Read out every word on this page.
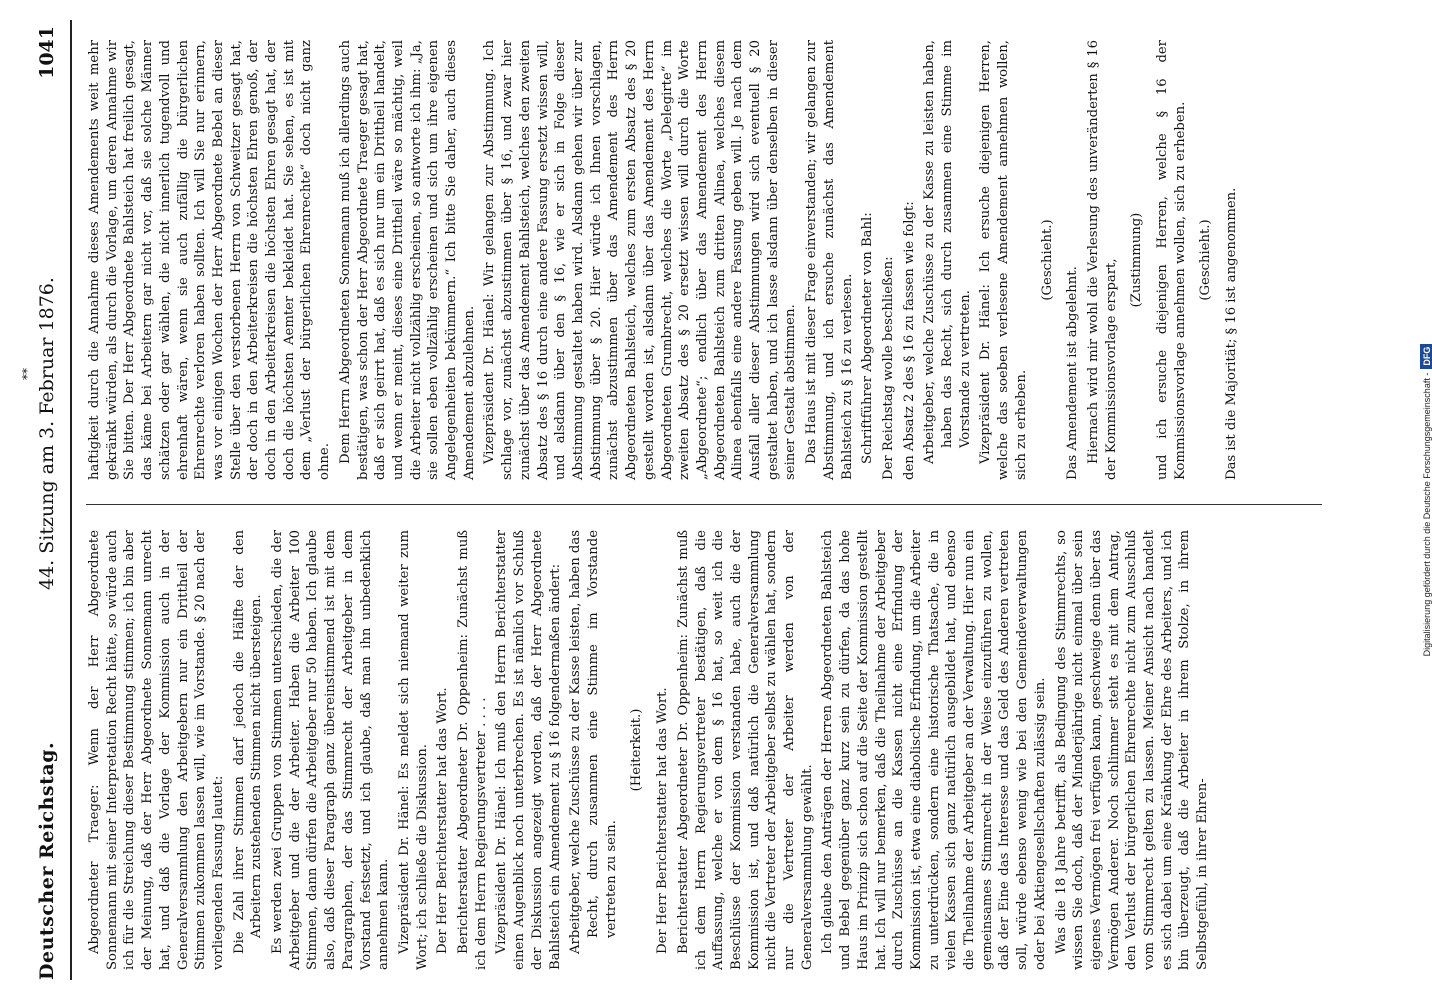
Deutscher Reichstag.
44. Sitzung am 3. Februar 1876.
**
1041

Abgeordneter Traeger: Wenn der Herr Abgeordnete Sonnemann mit seiner Interpretation Recht hätte, so würde auch ich für die Streichung dieser Bestimmung stimmen; ich bin aber der Meinung, daß der Herr Abgeordnete Sonnemann unrecht hat, und daß die Vorlage der Kommission auch in der Generalversammlung den Arbeitgebern nur ein Drittheil der Stimmen zukommen lassen will, wie im Vorstande. § 20 nach der vorliegenden Fassung lautet: Die Zahl ihrer Stimmen darf jedoch die Hälfte der den Arbeitern zustehenden Stimmen nicht übersteigen. Es werden zwei Gruppen von Stimmen unterschieden, die der Arbeitgeber und die der Arbeiter. Haben die Arbeiter 100 Stimmen, dann dürfen die Arbeitgeber nur 50 haben. Ich glaube also, daß dieser Paragraph ganz übereinstimmend ist mit dem Paragraphen, der das Stimmrecht der Arbeitgeber in dem Vorstand festsetzt, und ich glaube, daß man ihn unbedenklich annehmen kann. Vizepräsident Dr. Hänel: Es meldet sich niemand weiter zum Wort; ich schließe die Diskussion. Der Herr Berichterstatter hat das Wort. Berichterstatter Abgeordneter Dr. Oppenheim: Zunächst muß ich dem Herrn Regierungsvertreter . . . . Vizepräsident Dr. Hänel: Ich muß den Herrn Berichterstatter einen Augenblick noch unterbrechen. Es ist nämlich vor Schluß der Diskussion angezeigt worden, daß der Herr Abgeordnete Bahlsteich ein Amendement zu § 16 folgendermaßen ändert: Arbeitgeber, welche Zuschüsse zu der Kasse leisten, haben das Recht, durch zusammen eine Stimme im Vorstande vertreten zu sein.

(Heiterkeit.) Der Herr Berichterstatter hat das Wort. Berichterstatter Abgeordneter Dr. Oppenheim: Zunächst muß ich dem Herrn Regierungsvertreter bestätigen, daß die Auffassung, welche er von dem § 16 hat, so weit ich die Beschlüsse der Kommission verstanden habe, auch die der Kommission ist, und daß natürlich die Generalversammlung nicht die Vertreter der Arbeitgeber selbst zu wählen hat, sondern nur die Vertreter der Arbeiter werden von der Generalversammlung gewählt. Ich glaube den Anträgen der Herren Abgeordneten Bahlsteich und Bebel gegenüber ganz kurz sein zu dürfen, da das hohe Haus im Prinzip sich schon auf die Seite der Kommission gestellt hat. Ich will nur bemerken, daß die Theilnahme der Arbeitgeber durch Zuschüsse an die Kassen nicht eine Erfindung der Kommission ist, etwa eine diabolische Erfindung, um die Arbeiter zu unterdrücken, sondern eine historische Thatsache, die in vielen Kassen sich ganz natürlich ausgebildet hat, und ebenso die Theilnahme der Arbeitgeber an der Verwaltung. Hier nun ein gemeinsames Stimmrecht in der Weise einzuführen zu wollen, daß der Eine das Interesse und das Geld des Anderen vertreten soll, würde ebenso wenig wie bei den Gemeindeverwaltungen oder bei Aktiengesellschaften zulässig sein. Was die 18 Jahre betrifft, als Bedingung des Stimmrechts, so wissen Sie doch, daß der Minderjährige nicht einmal über sein eigenes Vermögen frei verfügen kann, geschweige denn über das Vermögen Anderer. Noch schlimmer steht es mit dem Antrag, den Verlust der bürgerlichen Ehrenrechte nicht zum Ausschluß vom Stimmrecht gelten zu lassen. Meiner Ansicht nach handelt es sich dabei um eine Kränkung der Ehre des Arbeiters, und ich bin überzeugt, daß die Arbeiter in ihrem Stolze, in ihrem Selbstgefühl, in ihrer Ehren-

haftigkeit durch die Annahme dieses Amendements weit mehr gekränkt würden, als durch die Vorlage, um deren Annahme wir Sie bitten. Der Herr Abgeordnete Bahlsteich hat freilich gesagt, das käme bei Arbeitern gar nicht vor, daß sie solche Männer schätzen oder gar wählen, die nicht innerlich tugendvoll und ehrenhaft wären, wenn sie auch zufällig die bürgerlichen Ehrenrechte verloren haben sollten. Ich will Sie nur erinnern, was vor einigen Wochen der Herr Abgeordnete Bebel an dieser Stelle über den verstorbenen Herrn von Schweitzer gesagt hat, der doch in den Arbeiterkreisen die höchsten Ehren genoß, der doch in den Arbeiterkreisen die höchsten Ehren gesagt hat, der doch die höchsten Aemter bekleidet hat. Sie sehen, es ist mit dem „Verlust der bürgerlichen Ehrenrechte“ doch nicht ganz ohne. Dem Herrn Abgeordneten Sonnemann muß ich allerdings auch bestätigen, was schon der Herr Abgeordnete Traeger gesagt hat, daß er sich geirrt hat, daß es sich nur um ein Drittheil handelt, und wenn er meint, dieses eine Drittheil wäre so mächtig, weil die Arbeiter nicht vollzählig erscheinen, so antworte ich ihm: „Ja, sie sollen eben vollzählig erscheinen und sich um ihre eigenen Angelegenheiten bekümmern.“ Ich bitte Sie daher, auch dieses Amendement abzulehnen. Vizepräsident Dr. Hänel: Wir gelangen zur Abstimmung. Ich schlage vor, zunächst abzustimmen über § 16, und zwar hier zunächst über das Amendement Bahlsteich, welches den zweiten Absatz des § 16 durch eine andere Fassung ersetzt wissen will, und alsdann über den § 16, wie er sich in Folge dieser Abstimmung gestaltet haben wird. Alsdann gehen wir über zur Abstimmung über § 20. Hier würde ich Ihnen vorschlagen, zunächst abzustimmen über das Amendement des Herrn Abgeordneten Bahlsteich, welches zum ersten Absatz des § 20 gestellt worden ist, alsdann über das Amendement des Herrn Abgeordneten Grumbrecht, welches die Worte „Delegirte“ im zweiten Absatz des § 20 ersetzt wissen will durch die Worte „Abgeordnete“; endlich über das Amendement des Herrn Abgeordneten Bahlsteich zum dritten Alinea, welches diesem Alinea ebenfalls eine andere Fassung geben will. Je nach dem Ausfall aller dieser Abstimmungen wird sich eventuell § 20 gestaltet haben, und ich lasse alsdann über denselben in dieser seiner Gestalt abstimmen. Das Haus ist mit dieser Frage einverstanden; wir gelangen zur Abstimmung, und ich ersuche zunächst das Amendement Bahlsteich zu § 16 zu verlesen. Schriftführer Abgeordneter von Bahl: Der Reichstag wolle beschließen: den Absatz 2 des § 16 zu fassen wie folgt: Arbeitgeber, welche Zuschüsse zu der Kasse zu leisten haben, haben das Recht, sich durch zusammen eine Stimme im Vorstande zu vertreten. Vizepräsident Dr. Hänel: Ich ersuche diejenigen Herren, welche das soeben verlesene Amendement annehmen wollen, sich zu erheben.

(Geschieht.)

Das Amendement ist abgelehnt. Hiernach wird mir wohl die Verlesung des unveränderten § 16 der Kommissionsvorlage erspart, (Zustimmung) und ich ersuche diejenigen Herren, welche § 16 der Kommissionsvorlage annehmen wollen, sich zu erheben. (Geschieht.) Das ist die Majorität; § 16 ist angenommen.

Digitalisierung gefördert durch die Deutsche Forschungsgemeinschaft -DFG
